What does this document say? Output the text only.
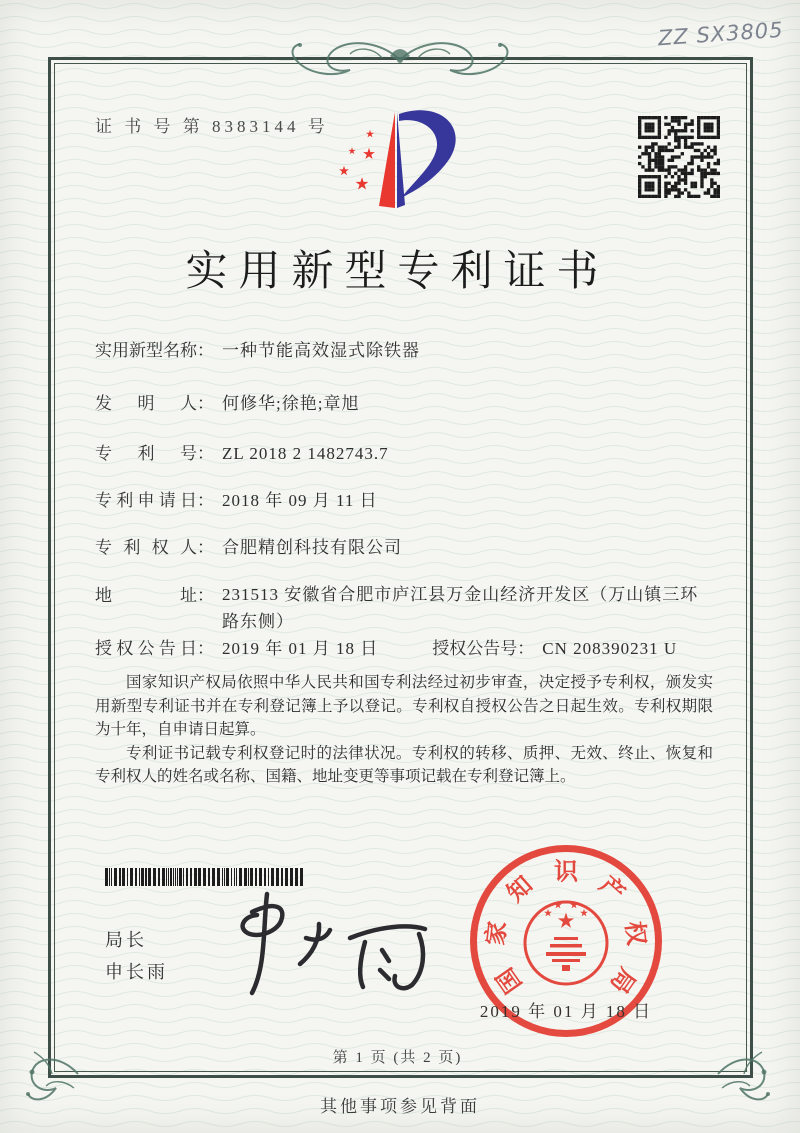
ZZ SX3805
证 书 号 第 8383144 号
实用新型专利证书
实用新型名称： 一种节能高效湿式除铁器
发明人： 何修华;徐艳;章旭
专利号： ZL 2018 2 1482743.7
专利申请日： 2018 年 09 月 11 日
专利权人： 合肥精创科技有限公司
地址： 231513 安徽省合肥市庐江县万金山经济开发区（万山镇三环路东侧）
授权公告日： 2019 年 01 月 18 日	授权公告号： CN 208390231 U

国家知识产权局依照中华人民共和国专利法经过初步审查，决定授予专利权，颁发实用新型专利证书并在专利登记簿上予以登记。专利权自授权公告之日起生效。专利权期限为十年，自申请日起算。

专利证书记载专利权登记时的法律状况。专利权的转移、质押、无效、终止、恢复和专利权人的姓名或名称、国籍、地址变更等事项记载在专利登记簿上。

局长
申长雨	国
家
知 识 产
权
局
2019 年 01 月 18 日
第 1 页 (共 2 页)
其他事项参见背面
